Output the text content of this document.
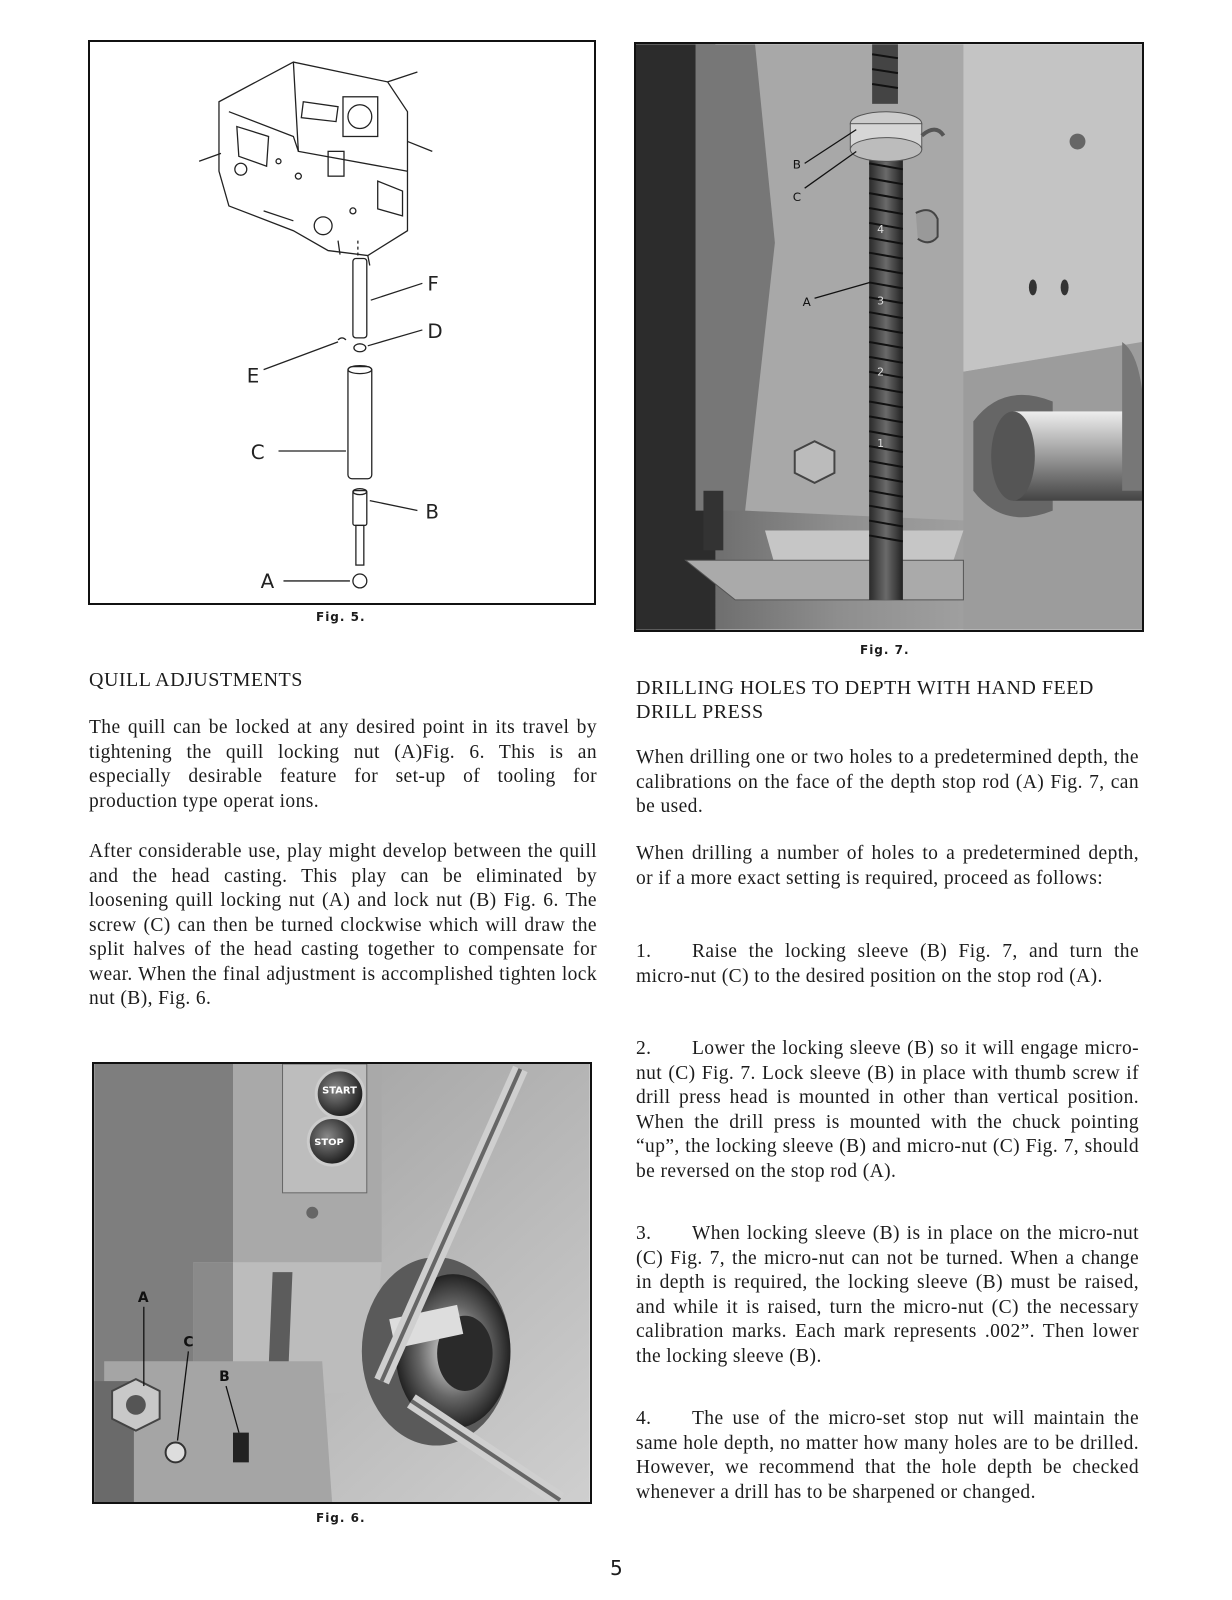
F
D
E
C
B
A
Fig. 5.
4
3
2
1
B
C
A
Fig. 7.
QUILL ADJUSTMENTS

The quill can be locked at any desired point in its travel by tightening the quill locking nut (A)Fig. 6. This is an especially desirable feature for set-up of tooling for production type operat ions.

After considerable use, play might develop between the quill and the head casting. This play can be eliminated by loosening quill locking nut (A) and lock nut (B) Fig. 6. The screw (C) can then be turned clockwise which will draw the split halves of the head casting together to compensate for wear. When the final adjustment is accomplished tighten lock nut (B), Fig. 6.

START
STOP
A
C
B
Fig. 6.
DRILLING HOLES TO DEPTH WITH HAND FEED
DRILL PRESS

When drilling one or two holes to a predetermined depth, the calibrations on the face of the depth stop rod (A) Fig. 7, can be used.

When drilling a number of holes to a predetermined depth, or if a more exact setting is required, proceed as follows:

1. Raise the locking sleeve (B) Fig. 7, and turn the micro-nut (C) to the desired position on the stop rod (A).

2. Lower the locking sleeve (B) so it will engage micro-nut (C) Fig. 7. Lock sleeve (B) in place with thumb screw if drill press head is mounted in other than vertical position. When the drill press is mounted with the chuck pointing “up”, the locking sleeve (B) and micro-nut (C) Fig. 7, should be reversed on the stop rod (A).

3. When locking sleeve (B) is in place on the micro-nut (C) Fig. 7, the micro-nut can not be turned. When a change in depth is required, the locking sleeve (B) must be raised, and while it is raised, turn the micro-nut (C) the necessary calibration marks. Each mark represents .002”. Then lower the locking sleeve (B).

4. The use of the micro-set stop nut will maintain the same hole depth, no matter how many holes are to be drilled. However, we recommend that the hole depth be checked whenever a drill has to be sharpened or changed.

5
